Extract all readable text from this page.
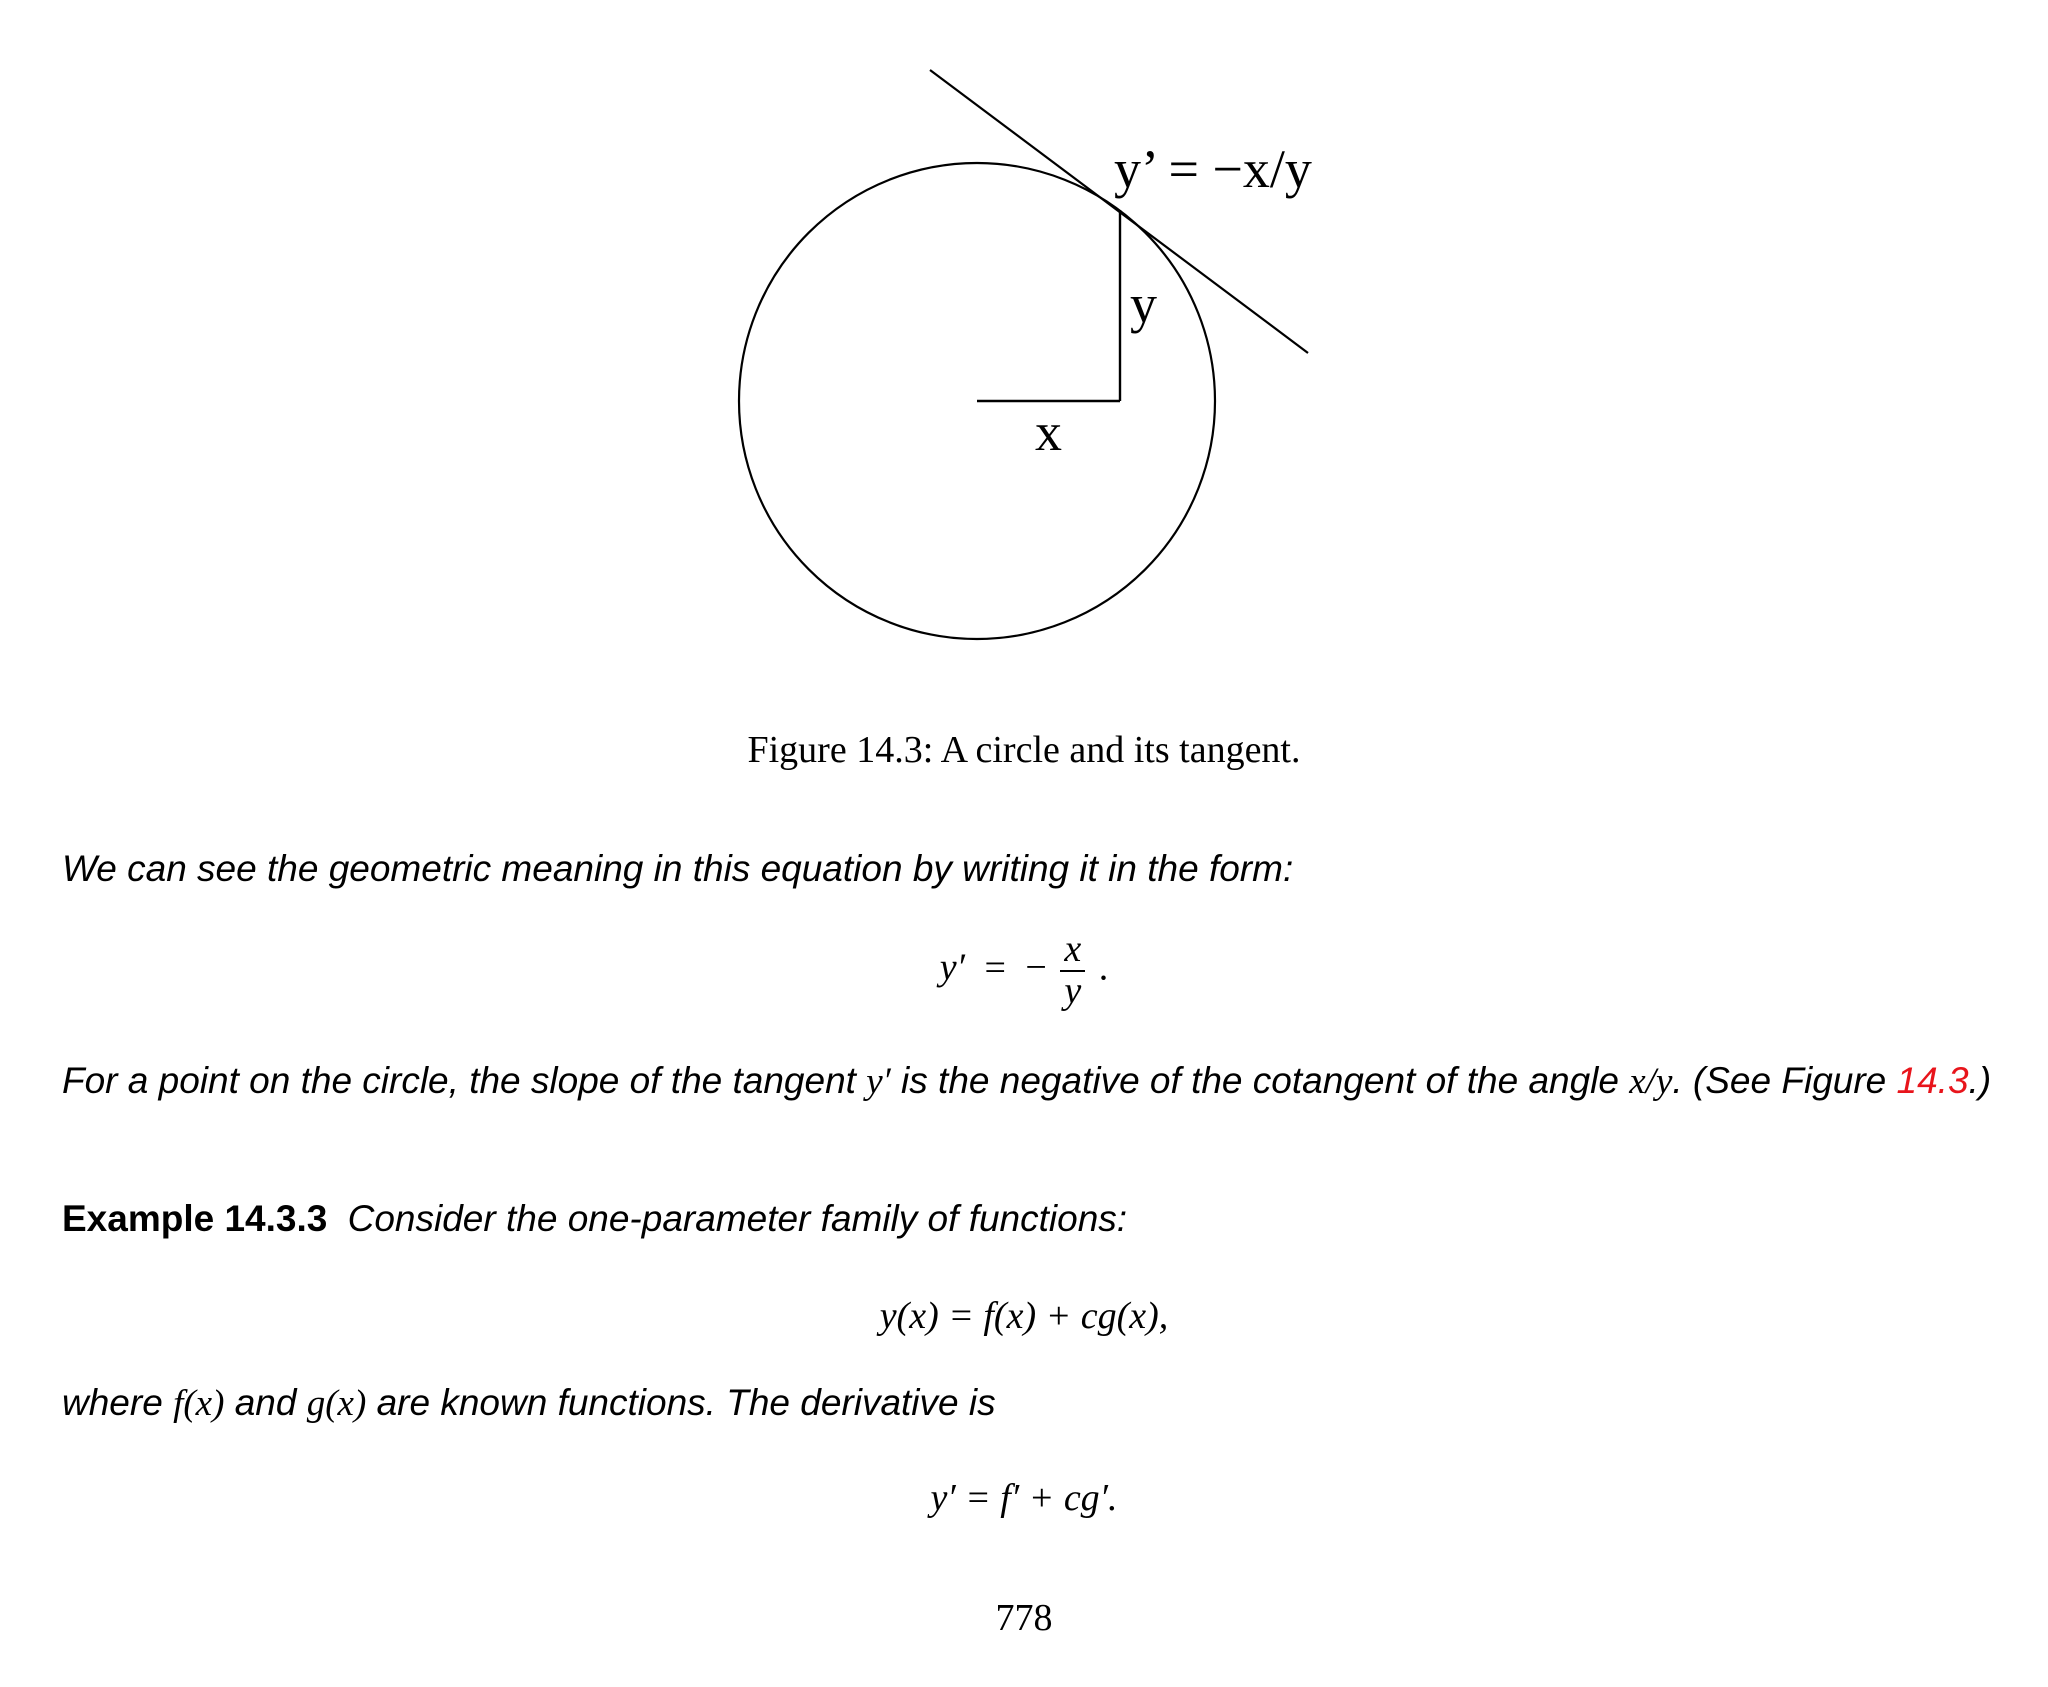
y’ = −x/y
y
x
Figure 14.3: A circle and its tangent.
We can see the geometric meaning in this equation by writing it in the form:
y′ = − $\frac{x}{y}$ .
For a point on the circle, the slope of the tangent y′ is the negative of the cotangent of the angle x/y. (See Figure 14.3.)
Example 14.3.3 Consider the one-parameter family of functions:
y(x) = f(x) + cg(x),
where f(x) and g(x) are known functions. The derivative is
y′ = f′ + cg′.
778
